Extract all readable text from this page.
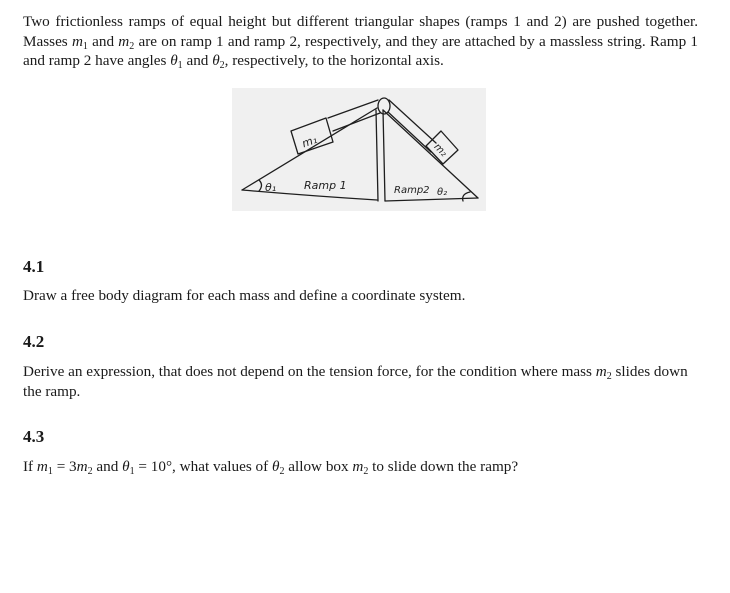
Two frictionless ramps of equal height but different triangular shapes (ramps 1 and 2) are pushed together. Masses $m_1$ and $m_2$ are on ramp 1 and ramp 2, respectively, and they are attached by a massless string. Ramp 1 and ramp 2 have angles $\theta_1$ and $\theta_2$, respectively, to the horizontal axis.

m₁
m₂
θ₁	Ramp 1	Ramp2 θ₂

4.1

Draw a free body diagram for each mass and define a coordinate system.

4.2

Derive an expression, that does not depend on the tension force, for the condition where mass $m_2$ slides down the ramp.

4.3

If $m_1 = 3m_2$ and $\theta_1 = 10^\circ$, what values of $\theta_2$ allow box $m_2$ to slide down the ramp?
